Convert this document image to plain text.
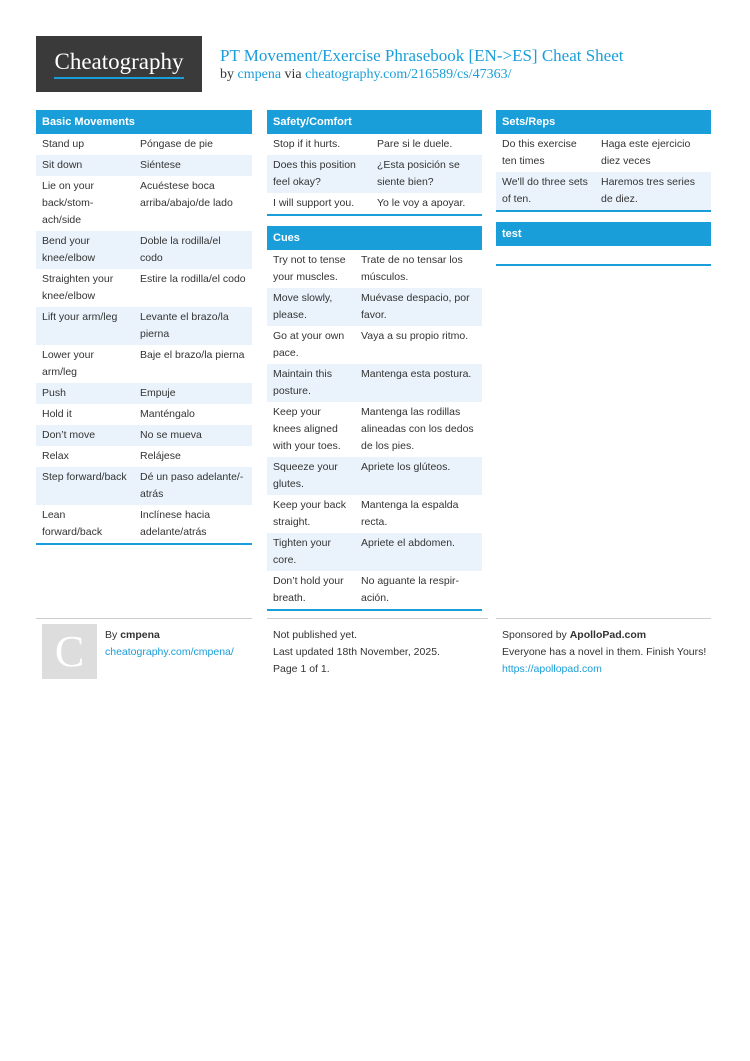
Cheatography PT Movement/Exercise Phrasebook [EN->ES] Cheat Sheet
by cmpena via cheatography.com/216589/cs/47363/
Basic Movements
Stand up	Póngase de pie
Sit down	Siéntese
Lie on your back/stom- ach/side	Acuéstese boca arriba/abajo/de lado
Bend your knee/elbow	Doble la rodilla/el codo
Straighten your knee/elbow	Estire la rodilla/el codo
Lift your arm/leg	Levante el brazo/la pierna
Lower your arm/leg	Baje el brazo/la pierna
Push	Empuje
Hold it	Manténgalo
Don’t move	No se mueva
Relax	Relájese
Step forward/back	Dé un paso adelante/- atrás
Lean forward/back	Inclínese hacia adelante/atrás
Safety/Comfort
Stop if it hurts.	Pare si le duele.
Does this position feel okay?	¿Esta posición se siente bien?
I will support you.	Yo le voy a apoyar.
Cues
Try not to tense your muscles.	Trate de no tensar los músculos.
Move slowly, please.	Muévase despacio, por favor.
Go at your own pace.	Vaya a su propio ritmo.
Maintain this posture.	Mantenga esta postura.
Keep your knees aligned with your toes.	Mantenga las rodillas alineadas con los dedos de los pies.
Squeeze your glutes.	Apriete los glúteos.
Keep your back straight.	Mantenga la espalda recta.
Tighten your core.	Apriete el abdomen.
Don’t hold your breath.	No aguante la respir- ación.
Sets/Reps
Do this exercise ten times	Haga este ejercicio diez veces
We'll do three sets of ten.	Haremos tres series de diez.
test
C	By cmpena
cheatography.com/cmpena/
Not published yet.
Last updated 18th November, 2025.
Page 1 of 1.
Sponsored by ApolloPad.com
Everyone has a novel in them. Finish Yours!
https://apollopad.com
